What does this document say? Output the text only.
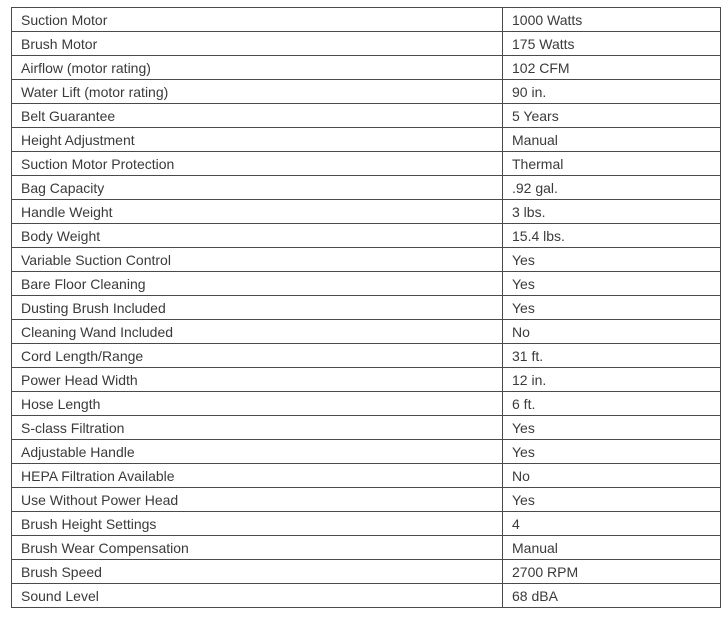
Suction Motor	1000 Watts
Brush Motor	175 Watts
Airflow (motor rating)	102 CFM
Water Lift (motor rating)	90 in.
Belt Guarantee	5 Years
Height Adjustment	Manual
Suction Motor Protection	Thermal
Bag Capacity	.92 gal.
Handle Weight	3 lbs.
Body Weight	15.4 lbs.
Variable Suction Control	Yes
Bare Floor Cleaning	Yes
Dusting Brush Included	Yes
Cleaning Wand Included	No
Cord Length/Range	31 ft.
Power Head Width	12 in.
Hose Length	6 ft.
S-class Filtration	Yes
Adjustable Handle	Yes
HEPA Filtration Available	No
Use Without Power Head	Yes
Brush Height Settings	4
Brush Wear Compensation	Manual
Brush Speed	2700 RPM
Sound Level	68 dBA
